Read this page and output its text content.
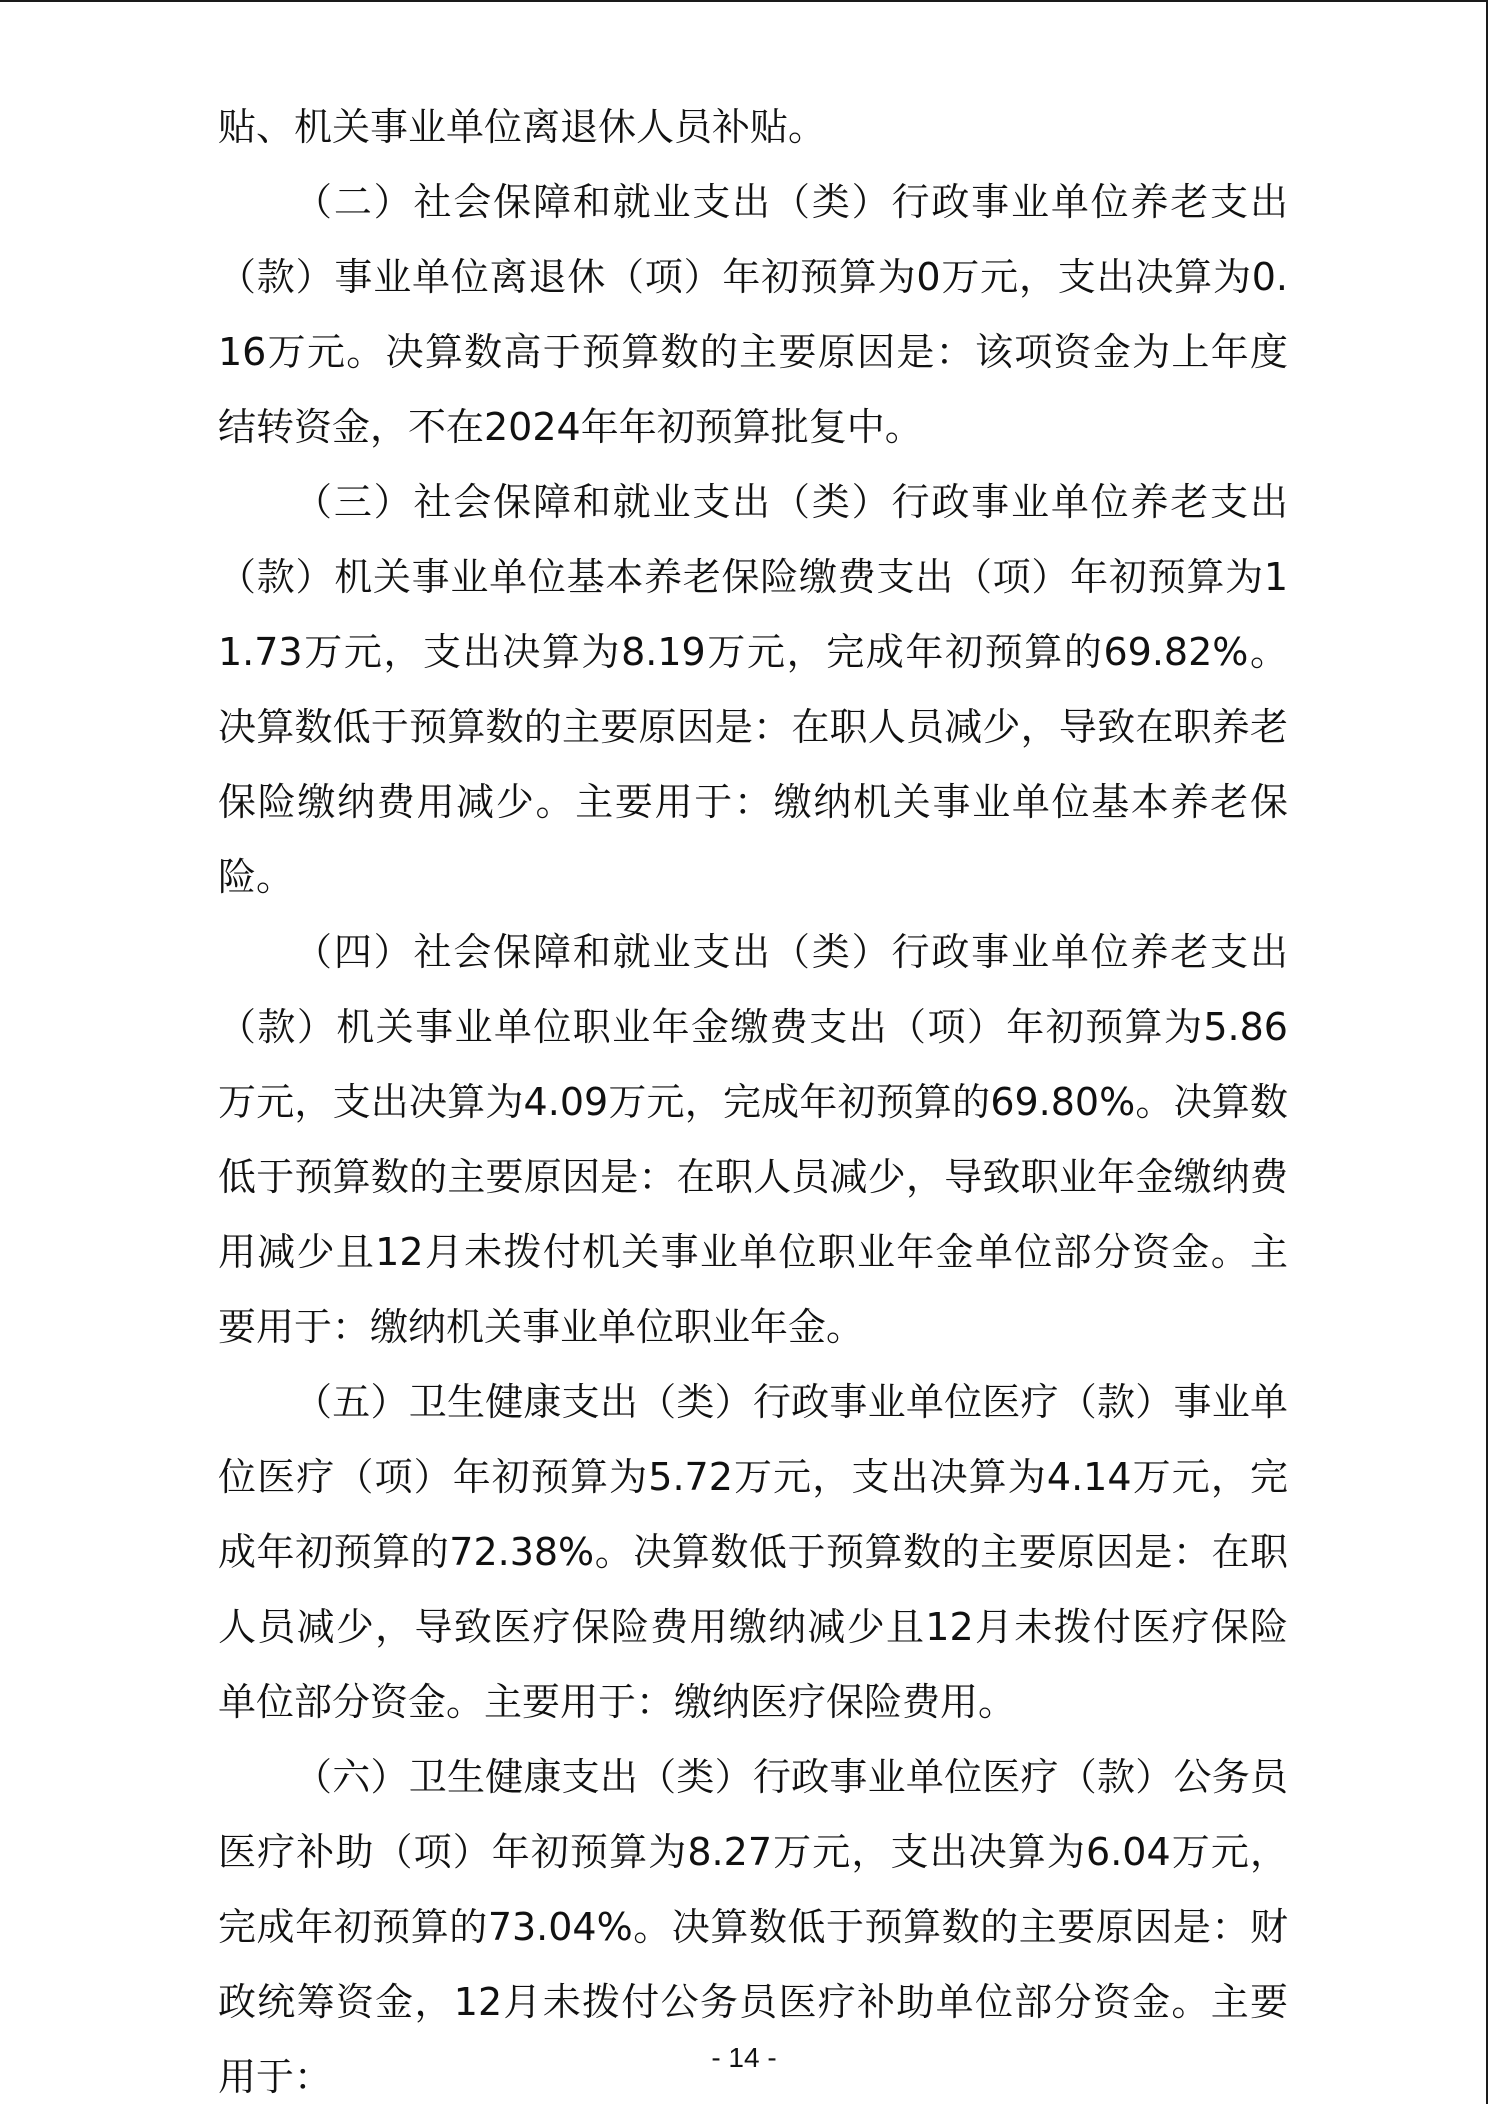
贴、机关事业单位离退休人员补贴。

（二）社会保障和就业支出（类）行政事业单位养老支出（款）事业单位离退休（项）年初预算为0万元，支出决算为0.16万元。决算数高于预算数的主要原因是：该项资金为上年度结转资金，不在2024年年初预算批复中。

（三）社会保障和就业支出（类）行政事业单位养老支出（款）机关事业单位基本养老保险缴费支出（项）年初预算为11.73万元，支出决算为8.19万元，完成年初预算的69.82%。决算数低于预算数的主要原因是：在职人员减少，导致在职养老保险缴纳费用减少。主要用于：缴纳机关事业单位基本养老保险。

（四）社会保障和就业支出（类）行政事业单位养老支出（款）机关事业单位职业年金缴费支出（项）年初预算为5.86万元，支出决算为4.09万元，完成年初预算的69.80%。决算数低于预算数的主要原因是：在职人员减少，导致职业年金缴纳费用减少且12月未拨付机关事业单位职业年金单位部分资金。主要用于：缴纳机关事业单位职业年金。

（五）卫生健康支出（类）行政事业单位医疗（款）事业单位医疗（项）年初预算为5.72万元，支出决算为4.14万元，完成年初预算的72.38%。决算数低于预算数的主要原因是：在职人员减少，导致医疗保险费用缴纳减少且12月未拨付医疗保险单位部分资金。主要用于：缴纳医疗保险费用。

（六）卫生健康支出（类）行政事业单位医疗（款）公务员医疗补助（项）年初预算为8.27万元，支出决算为6.04万元，完成年初预算的73.04%。决算数低于预算数的主要原因是：财政统筹资金，12月未拨付公务员医疗补助单位部分资金。主要用于：	- 14 -
